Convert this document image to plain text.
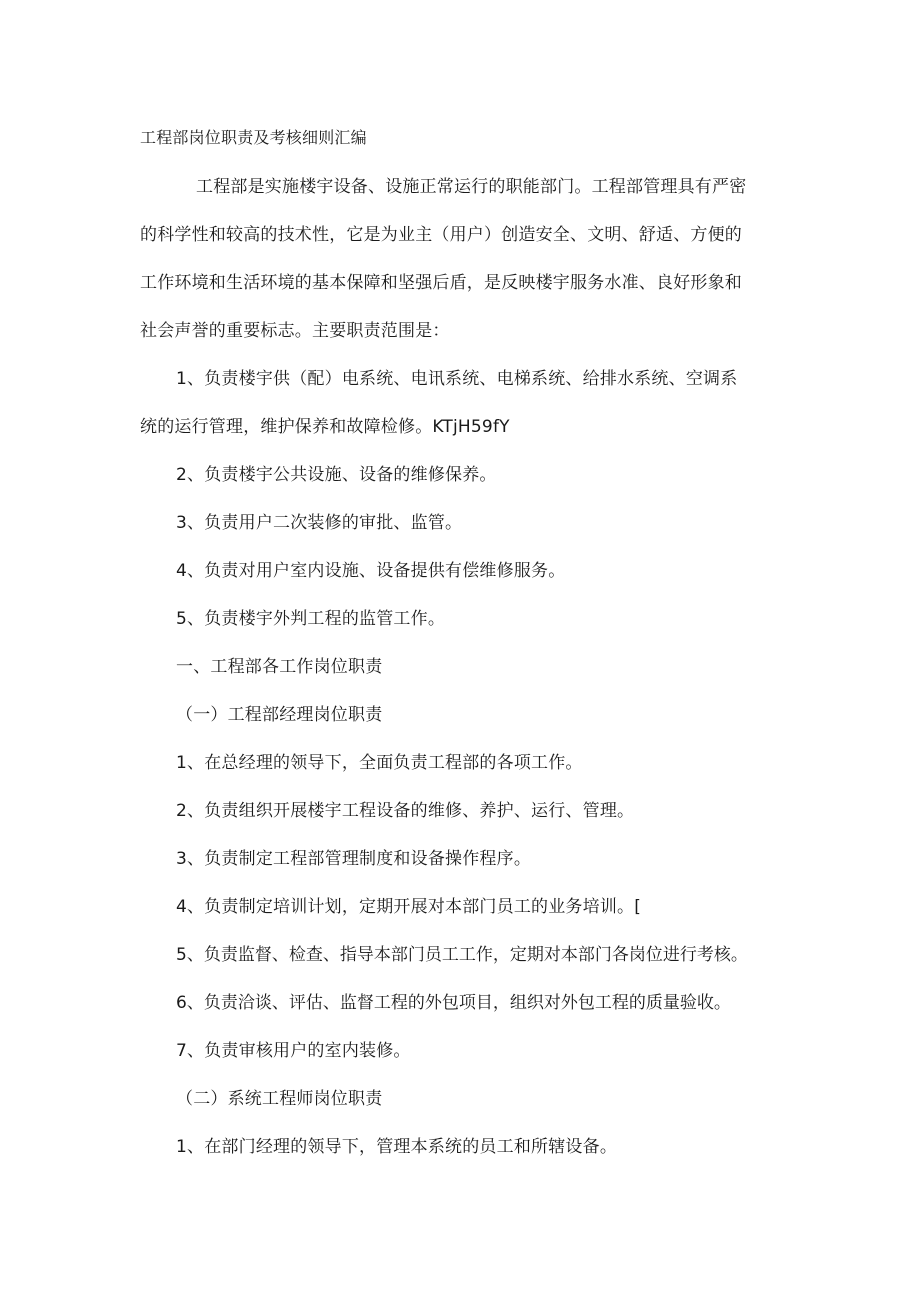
工程部岗位职责及考核细则汇编
工程部是实施楼宇设备、设施正常运行的职能部门。工程部管理具有严密
的科学性和较高的技术性，它是为业主（用户）创造安全、文明、舒适、方便的
工作环境和生活环境的基本保障和坚强后盾，是反映楼宇服务水准、良好形象和
社会声誉的重要标志。主要职责范围是：
1、负责楼宇供（配）电系统、电讯系统、电梯系统、给排水系统、空调系
统的运行管理，维护保养和故障检修。KTjH59fY
2、负责楼宇公共设施、设备的维修保养。
3、负责用户二次装修的审批、监管。
4、负责对用户室内设施、设备提供有偿维修服务。
5、负责楼宇外判工程的监管工作。
一、工程部各工作岗位职责
（一）工程部经理岗位职责
1、在总经理的领导下，全面负责工程部的各项工作。
2、负责组织开展楼宇工程设备的维修、养护、运行、管理。
3、负责制定工程部管理制度和设备操作程序。
4、负责制定培训计划，定期开展对本部门员工的业务培训。[
5、负责监督、检查、指导本部门员工工作，定期对本部门各岗位进行考核。
6、负责洽谈、评估、监督工程的外包项目，组织对外包工程的质量验收。
7、负责审核用户的室内装修。
（二）系统工程师岗位职责
1、在部门经理的领导下，管理本系统的员工和所辖设备。
